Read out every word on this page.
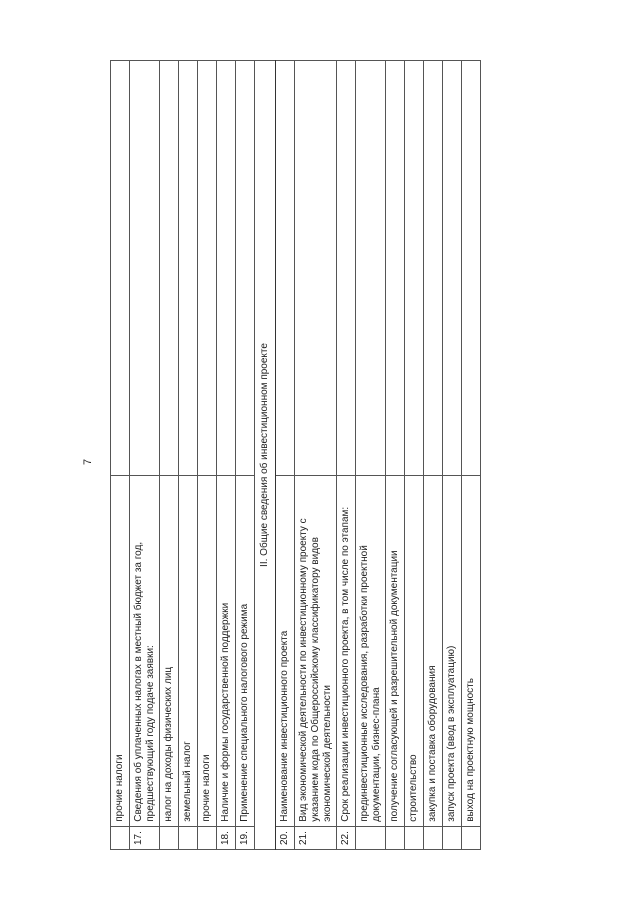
7
	прочие налоги	
17.	Сведения об уплаченных налогах в местный бюджет за год, предшествующий году подаче заявки:	
	налог на доходы физических лиц	
	земельный налог	
	прочие налоги	
18.	Наличие и формы государственной поддержки	
19.	Применение специального налогового режима	
II. Общие сведения об инвестиционном проекте		
20.	Наименование инвестиционного проекта	
21.	Вид экономической деятельности по инвестиционному проекту с указанием кода по Общероссийскому классификатору видов экономической деятельности	
22.	Срок реализации инвестиционного проекта, в том числе по этапам:	
	прединвестиционные исследования, разработки проектной документации, бизнес-плана	
	получение согласующей и разрешительной документации	
	строительство	
	закупка и поставка оборудования	
	запуск проекта (ввод в эксплуатацию)	
	выход на проектную мощность	
